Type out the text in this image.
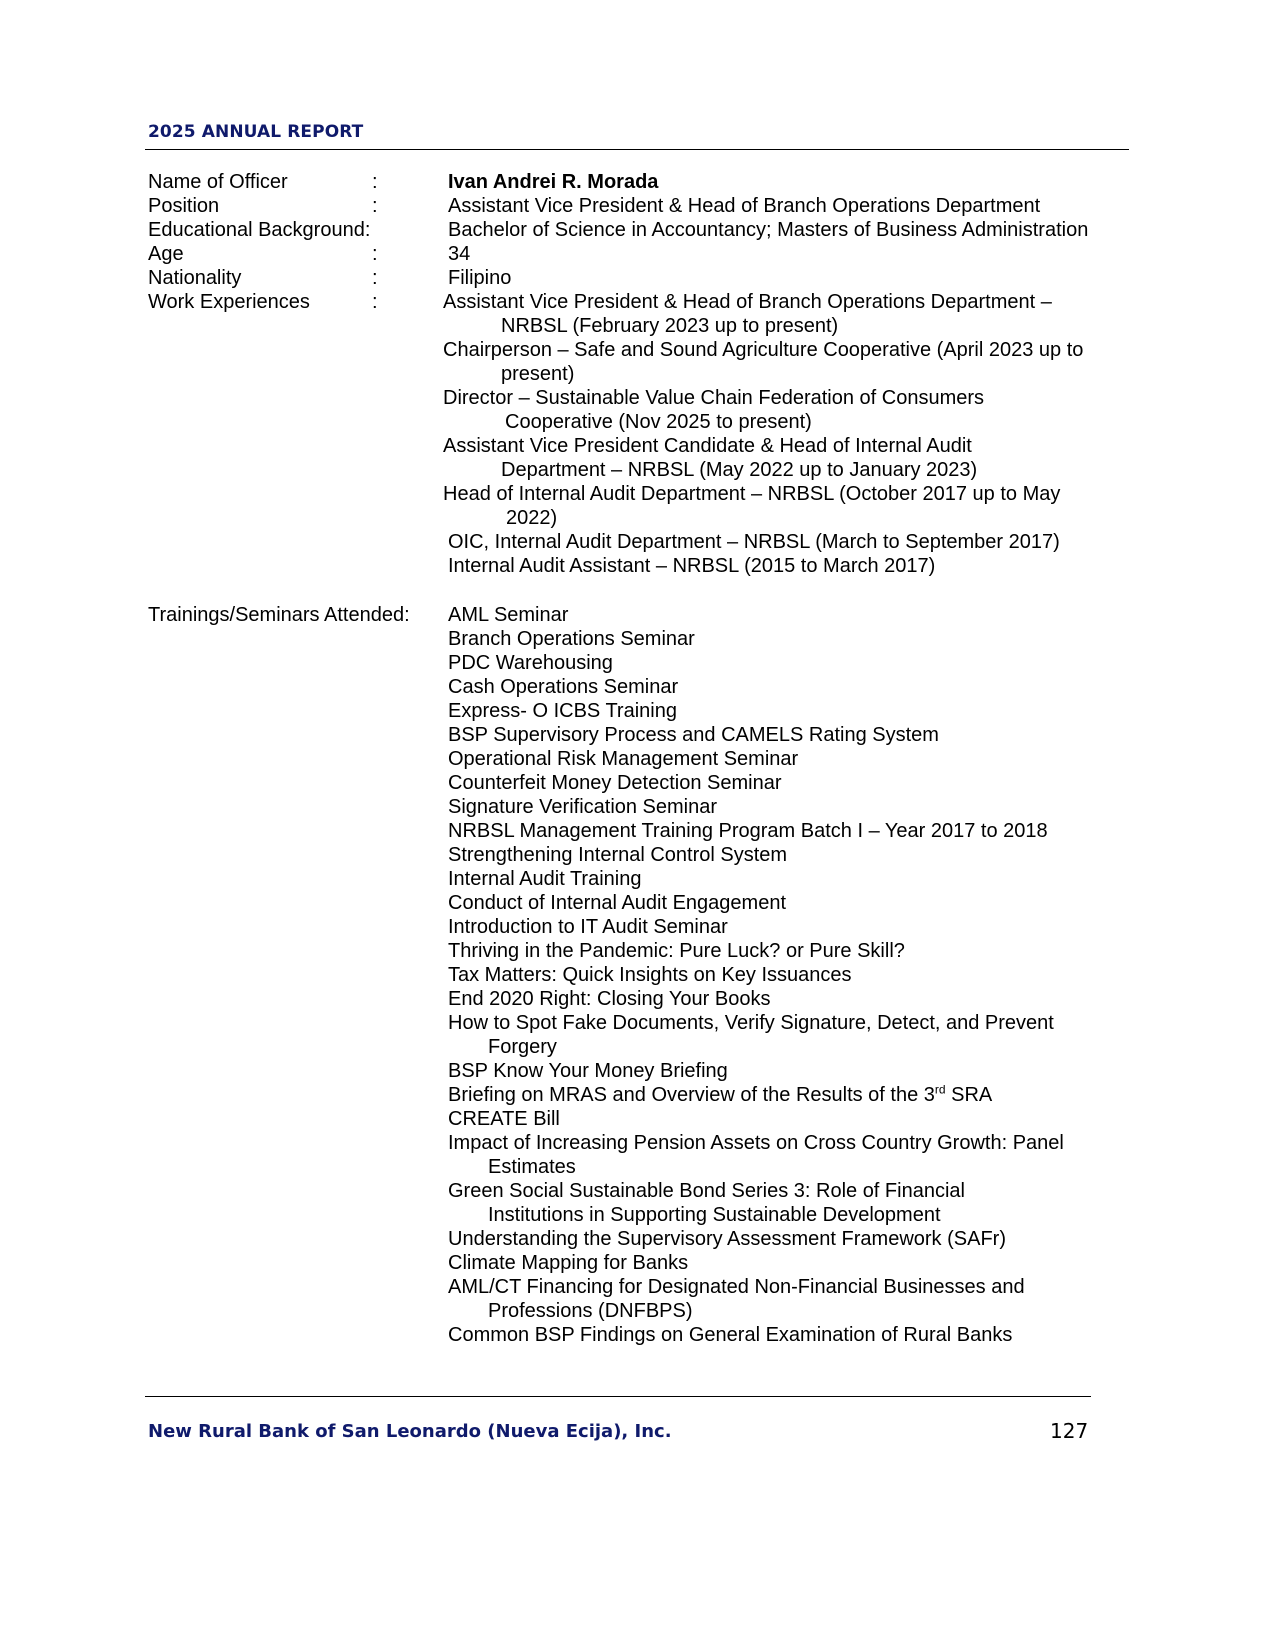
2025 ANNUAL REPORT
Name of Officer	:	Ivan Andrei R. Morada
Position	:	Assistant Vice President & Head of Branch Operations Department
Educational Background:	Bachelor of Science in Accountancy; Masters of Business Administration
Age	:	34
Nationality	:	Filipino
Work Experiences	:	Assistant Vice President & Head of Branch Operations Department –
NRBSL (February 2023 up to present)
Chairperson – Safe and Sound Agriculture Cooperative (April 2023 up to
present)
Director – Sustainable Value Chain Federation of Consumers
Cooperative (Nov 2025 to present)
Assistant Vice President Candidate & Head of Internal Audit
Department – NRBSL (May 2022 up to January 2023)
Head of Internal Audit Department – NRBSL (October 2017 up to May
2022)
OIC, Internal Audit Department – NRBSL (March to September 2017)
Internal Audit Assistant – NRBSL (2015 to March 2017)
Trainings/Seminars Attended: AML Seminar
Branch Operations Seminar
PDC Warehousing
Cash Operations Seminar
Express- O ICBS Training
BSP Supervisory Process and CAMELS Rating System
Operational Risk Management Seminar
Counterfeit Money Detection Seminar
Signature Verification Seminar
NRBSL Management Training Program Batch I – Year 2017 to 2018
Strengthening Internal Control System
Internal Audit Training
Conduct of Internal Audit Engagement
Introduction to IT Audit Seminar
Thriving in the Pandemic: Pure Luck? or Pure Skill?
Tax Matters: Quick Insights on Key Issuances
End 2020 Right: Closing Your Books
How to Spot Fake Documents, Verify Signature, Detect, and Prevent
Forgery
BSP Know Your Money Briefing
Briefing on MRAS and Overview of the Results of the 3rd SRA
CREATE Bill
Impact of Increasing Pension Assets on Cross Country Growth: Panel
Estimates
Green Social Sustainable Bond Series 3: Role of Financial
Institutions in Supporting Sustainable Development
Understanding the Supervisory Assessment Framework (SAFr)
Climate Mapping for Banks
AML/CT Financing for Designated Non-Financial Businesses and
Professions (DNFBPS)
Common BSP Findings on General Examination of Rural Banks
New Rural Bank of San Leonardo (Nueva Ecija), Inc.	127
